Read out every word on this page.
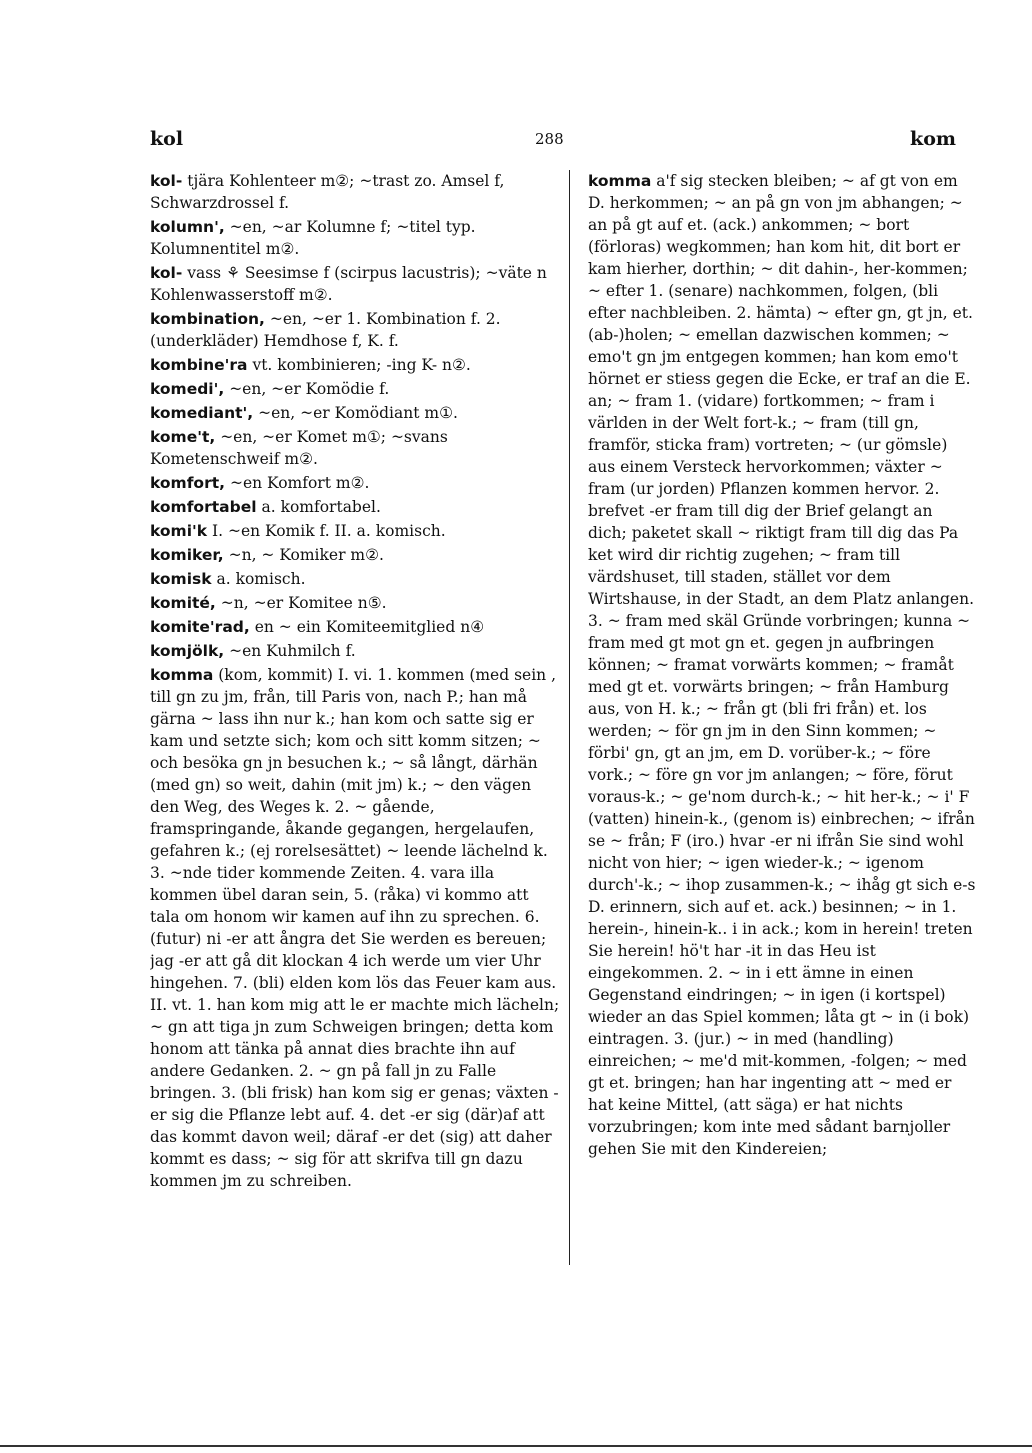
kol	288	kom

kol- tjära Kohlenteer m②; ~trast zo. Amsel f, Schwarzdrossel f.

kolumn', ~en, ~ar Kolumne f; ~titel typ. Kolumnentitel m②.

kol- vass ⚘ Seesimse f (scirpus lacustris); ~väte n Kohlenwasserstoff m②.

kombination, ~en, ~er 1. Kombination f. 2. (underkläder) Hemdhose f, K. f.

kombine'ra vt. kombinieren; -ing K- n②.

komedi', ~en, ~er Komödie f.

komediant', ~en, ~er Komödiant m①.

kome't, ~en, ~er Komet m①; ~svans Kometenschweif m②.

komfort, ~en Komfort m②.

komfortabel a. komfortabel.

komi'k I. ~en Komik f. II. a. komisch.

komiker, ~n, ~ Komiker m②.

komisk a. komisch.

komité, ~n, ~er Komitee n⑤.

komite'rad, en ~ ein Komiteemitglied n④

komjölk, ~en Kuhmilch f.

komma (kom, kommit) I. vi. 1. kommen (med sein , till gn zu jm, från, till Paris von, nach P.; han må gärna ~ lass ihn nur k.; han kom och satte sig er kam und setzte sich; kom och sitt komm sitzen; ~ och besöka gn jn besuchen k.; ~ så långt, därhän (med gn) so weit, dahin (mit jm) k.; ~ den vägen den Weg, des Weges k. 2. ~ gående, framspringande, åkande gegangen, hergelaufen, gefahren k.; (ej rorelsesättet) ~ leende lächelnd k. 3. ~nde tider kommende Zeiten. 4. vara illa kommen übel daran sein, 5. (råka) vi kommo att tala om honom wir kamen auf ihn zu sprechen. 6. (futur) ni -er att ångra det Sie werden es bereuen; jag -er att gå dit klockan 4 ich werde um vier Uhr hingehen. 7. (bli) elden kom lös das Feuer kam aus. II. vt. 1. han kom mig att le er machte mich lächeln; ~ gn att tiga jn zum Schweigen bringen; detta kom honom att tänka på annat dies brachte ihn auf andere Gedanken. 2. ~ gn på fall jn zu Falle bringen. 3. (bli frisk) han kom sig er genas; växten -er sig die Pflanze lebt auf. 4. det -er sig (där)af att das kommt davon weil; däraf -er det (sig) att daher kommt es dass; ~ sig för att skrifva till gn dazu kommen jm zu schreiben.

komma a'f sig stecken bleiben; ~ af gt von em D. herkommen; ~ an på gn von jm abhangen; ~ an på gt auf et. (ack.) ankommen; ~ bort (förloras) wegkommen; han kom hit, dit bort er kam hierher, dorthin; ~ dit dahin-, her-kommen; ~ efter 1. (senare) nachkommen, folgen, (bli efter nachbleiben. 2. hämta) ~ efter gn, gt jn, et. (ab-)holen; ~ emellan dazwischen kommen; ~ emo't gn jm entgegen kommen; han kom emo't hörnet er stiess gegen die Ecke, er traf an die E. an; ~ fram 1. (vidare) fortkommen; ~ fram i världen in der Welt fort-k.; ~ fram (till gn, framför, sticka fram) vortreten; ~ (ur gömsle) aus einem Versteck hervorkommen; växter ~ fram (ur jorden) Pflanzen kommen hervor. 2. brefvet -er fram till dig der Brief gelangt an dich; paketet skall ~ riktigt fram till dig das Pa ket wird dir richtig zugehen; ~ fram till värdshuset, till staden, stället vor dem Wirtshause, in der Stadt, an dem Platz anlangen. 3. ~ fram med skäl Gründe vorbringen; kunna ~ fram med gt mot gn et. gegen jn aufbringen können; ~ framat vorwärts kommen; ~ framåt med gt et. vorwärts bringen; ~ från Hamburg aus, von H. k.; ~ från gt (bli fri från) et. los werden; ~ för gn jm in den Sinn kommen; ~ förbi' gn, gt an jm, em D. vorüber-k.; ~ före vork.; ~ före gn vor jm anlangen; ~ före, förut voraus-k.; ~ ge'nom durch-k.; ~ hit her-k.; ~ i' F (vatten) hinein-k., (genom is) einbrechen; ~ ifrån se ~ från; F (iro.) hvar -er ni ifrån Sie sind wohl nicht von hier; ~ igen wieder-k.; ~ igenom durch'-k.; ~ ihop zusammen-k.; ~ ihåg gt sich e-s D. erinnern, sich auf et. ack.) besinnen; ~ in 1. herein-, hinein-k.. i in ack.; kom in herein! treten Sie herein! hö't har -it in das Heu ist eingekommen. 2. ~ in i ett ämne in einen Gegenstand eindringen; ~ in igen (i kortspel) wieder an das Spiel kommen; låta gt ~ in (i bok) eintragen. 3. (jur.) ~ in med (handling) einreichen; ~ me'd mit-kommen, -folgen; ~ med gt et. bringen; han har ingenting att ~ med er hat keine Mittel, (att säga) er hat nichts vorzubringen; kom inte med sådant barnjoller gehen Sie mit den Kindereien;
